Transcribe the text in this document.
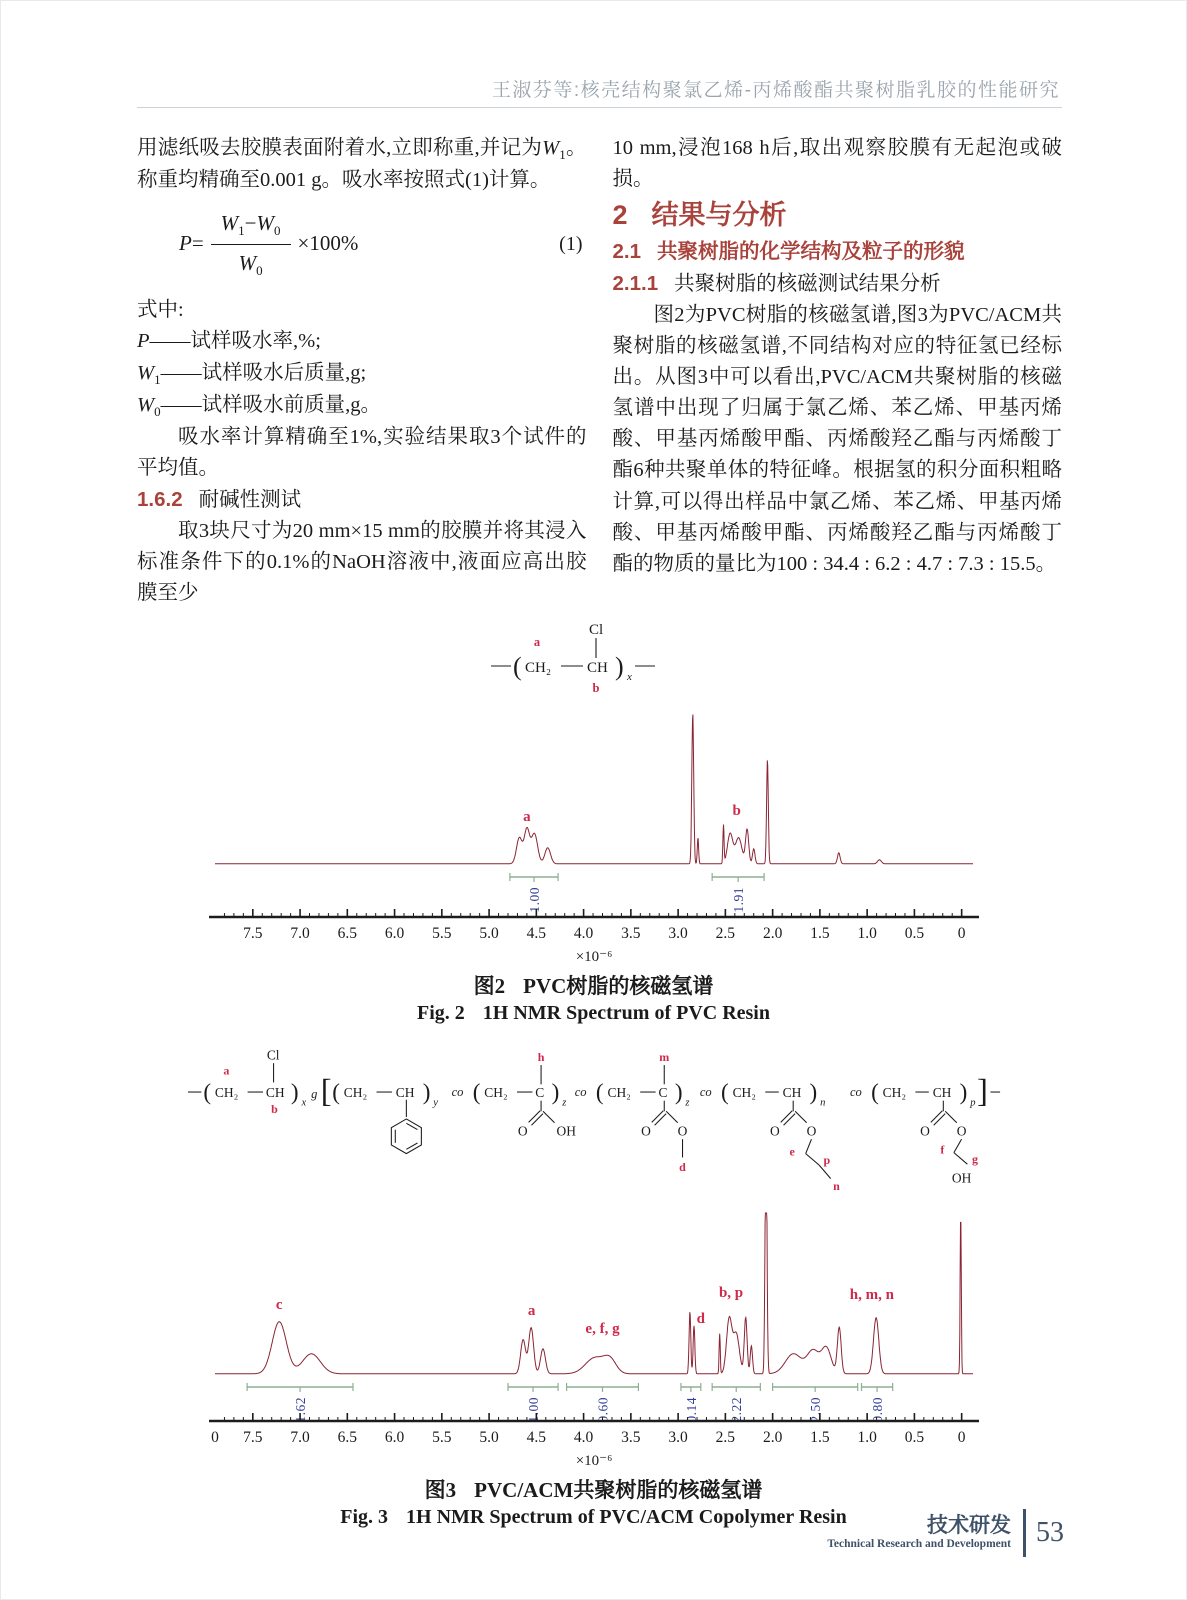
王淑芬等:核壳结构聚氯乙烯-丙烯酸酯共聚树脂乳胶的性能研究

用滤纸吸去胶膜表面附着水,立即称重,并记为$W_1$。称重均精确至0.001 g。吸水率按照式(1)计算。

$P = \frac{W_1-W_0}{W_0} \times 100\%$	(1)

式中:

P——试样吸水率,%;

$W_1——$试样吸水后质量,g;

$W_0——$试样吸水前质量,g。

吸水率计算精确至1%,实验结果取3个试件的平均值。

1.6.2 耐碱性测试

取3块尺寸为20 mm×15 mm的胶膜并将其浸入标准条件下的0.1%的NaOH溶液中,液面应高出胶膜至少

10 mm,浸泡168 h后,取出观察胶膜有无起泡或破损。

2 结果与分析

2.1 共聚树脂的化学结构及粒子的形貌

2.1.1 共聚树脂的核磁测试结果分析

图2为PVC树脂的核磁氢谱,图3为PVC/ACM共聚树脂的核磁氢谱,不同结构对应的特征氢已经标出。从图3中可以看出,PVC/ACM共聚树脂的核磁氢谱中出现了归属于氯乙烯、苯乙烯、甲基丙烯酸、甲基丙烯酸甲酯、丙烯酸羟乙酯与丙烯酸丁酯6种共聚单体的特征峰。根据氢的积分面积粗略计算,可以得出样品中氯乙烯、苯乙烯、甲基丙烯酸、甲基丙烯酸甲酯、丙烯酸羟乙酯与丙烯酸丁酯的物质的量比为100 : 34.4 : 6.2 : 4.7 : 7.3 : 15.5。

(
a
CH₂
Cl
CH ) x
b
1.00	1.91
7.5 7.0 6.5 6.0 5.5 5.0 4.5 4.0 3.5 3.0 2.5 2.0 1.5 1.0 0.5 0
×10⁻⁶
a	b
图2 PVC树脂的核磁氢谱
Fig. 2 1H NMR Spectrum of PVC Resin
(
a
CH₂
Cl
CH ) x
g
b [ ( CH₂ CH ) y
co ( CH₂ C
h
) z
O OH
co ( CH₂ C
m
) z
O O
d
co ( CH₂ CH ) n
O O
e
p
n
co ( CH₂ CH ) p ]
O O
f
g
OH
1.62	1.00	0.60	0.14 2.22	2.50	0.80
7.5 7.0 6.5 6.0 5.5 5.0 4.5 4.0 3.5 3.0 2.5 2.0 1.5 1.0 0.5 0
0
×10⁻⁶
c	a
e, f, g
d
b, p	h, m, n
图3 PVC/ACM共聚树脂的核磁氢谱
Fig. 3 1H NMR Spectrum of PVC/ACM Copolymer Resin	技术研发
Technical Research and Development 53
